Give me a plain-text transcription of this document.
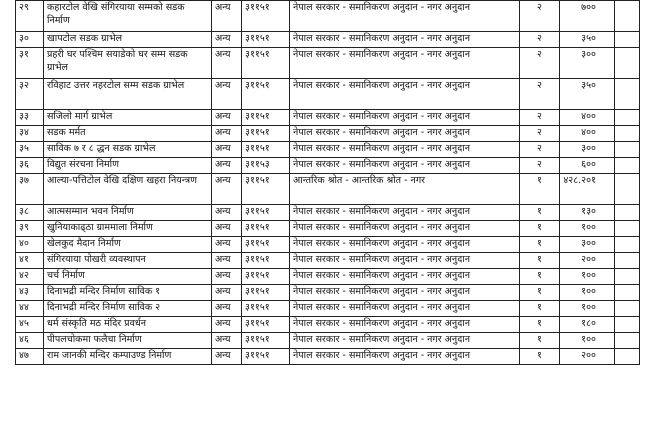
२९	कहारटोल वेखि संगिरयाया सम्मको सडक निर्माण	अन्य	३११५१	नेपाल सरकार - समानिकरण अनुदान - नगर अनुदान	२	७००	
३०	खापटोल सडक ग्राभेल	अन्य	३११५१	नेपाल सरकार - समानिकरण अनुदान - नगर अनुदान	२	३५०	
३१	प्रहरी घर पश्चिम सयाडेको घर सम्म सडक ग्राभेल	अन्य	३११५१	नेपाल सरकार - समानिकरण अनुदान - नगर अनुदान	२	३००	
३२	रविहाट उत्तर नहरटोल सम्म सडक ग्राभेल	अन्य	३११५१	नेपाल सरकार - समानिकरण अनुदान - नगर अनुदान	२	३५०	
३३	सजिलो मार्ग ग्राभेल	अन्य	३११५१	नेपाल सरकार - समानिकरण अनुदान - नगर अनुदान	२	४००	
३४	सडक मर्मत	अन्य	३११५१	नेपाल सरकार - समानिकरण अनुदान - नगर अनुदान	२	४००	
३५	साविक ७ र ८ द्धन सडक ग्राभेल	अन्य	३११५१	नेपाल सरकार - समानिकरण अनुदान - नगर अनुदान	२	३००	
३६	विद्युत संरचना निर्माण	अन्य	३११५३	नेपाल सरकार - समानिकरण अनुदान - नगर अनुदान	२	६००	
३७	आल्या-पत्तिटोल वेखि दक्षिण खहरा नियन्त्रण	अन्य	३११५१	आन्तरिक श्रोत - आन्तरिक श्रोत - नगर	१	४२८.२०१	
३८	आत्मसम्मान भवन निर्माण	अन्य	३११५१	नेपाल सरकार - समानिकरण अनुदान - नगर अनुदान	१	१३०	
३९	खुनियाकाढ्ठा ग्राममाला निर्माण	अन्य	३११५१	नेपाल सरकार - समानिकरण अनुदान - नगर अनुदान	१	१००	
४०	खेलकुद मैदान निर्माण	अन्य	३११५१	नेपाल सरकार - समानिकरण अनुदान - नगर अनुदान	१	३००	
४१	संगिरयाया पोखरी व्यवस्थापन	अन्य	३११५१	नेपाल सरकार - समानिकरण अनुदान - नगर अनुदान	१	२००	
४२	चर्च निर्माण	अन्य	३११५१	नेपाल सरकार - समानिकरण अनुदान - नगर अनुदान	१	१००	
४३	दिनाभद्री मन्दिर निर्माण साविक १	अन्य	३११५१	नेपाल सरकार - समानिकरण अनुदान - नगर अनुदान	१	१००	
४४	दिनाभद्री मन्दिर निर्माण साविक २	अन्य	३११५१	नेपाल सरकार - समानिकरण अनुदान - नगर अनुदान	१	१००	
४५	धर्म संस्कृति मठ मंदिर प्रवर्धन	अन्य	३११५१	नेपाल सरकार - समानिकरण अनुदान - नगर अनुदान	१	१८०	
४६	पीपलचोकमा फलैचा निर्माण	अन्य	३११५१	नेपाल सरकार - समानिकरण अनुदान - नगर अनुदान	१	१००	
४७	राम जानकी मन्दिर कम्पाउण्ड निर्माण	अन्य	३११५१	नेपाल सरकार - समानिकरण अनुदान - नगर अनुदान	१	२००	
